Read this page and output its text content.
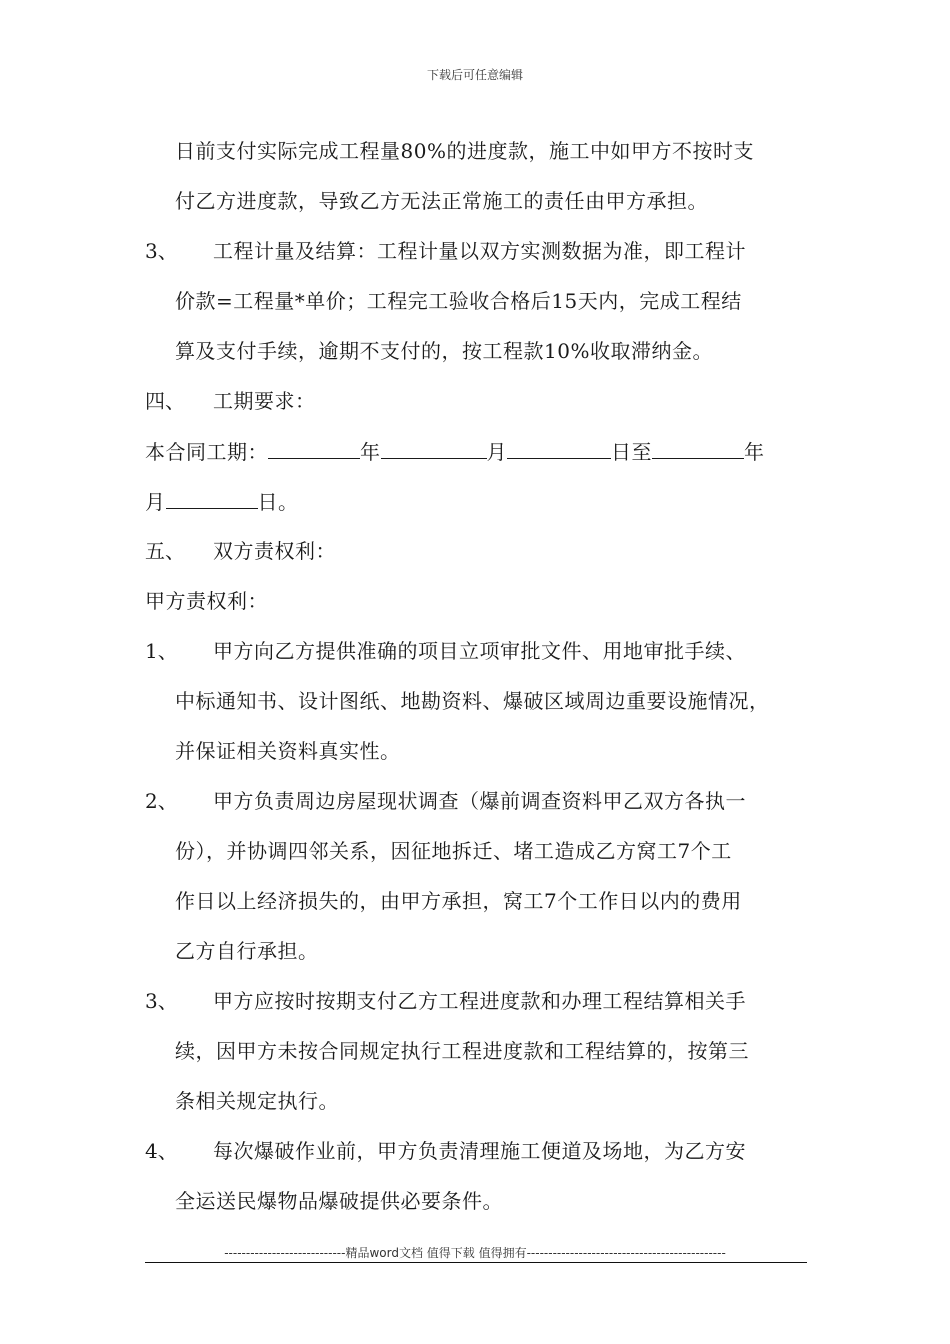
下载后可任意编辑
日前支付实际完成工程量80%的进度款，施工中如甲方不按时支
付乙方进度款，导致乙方无法正常施工的责任由甲方承担。
3、 工程计量及结算：工程计量以双方实测数据为准，即工程计
价款=工程量*单价；工程完工验收合格后15天内，完成工程结
算及支付手续，逾期不支付的，按工程款10%收取滞纳金。
四、 工期要求：
本合同工期：	年	月	日至	年
月	日。
五、 双方责权利：
甲方责权利：
1、 甲方向乙方提供准确的项目立项审批文件、用地审批手续、
中标通知书、设计图纸、地勘资料、爆破区域周边重要设施情况，
并保证相关资料真实性。
2、 甲方负责周边房屋现状调查（爆前调查资料甲乙双方各执一
份），并协调四邻关系，因征地拆迁、堵工造成乙方窝工7个工
作日以上经济损失的，由甲方承担，窝工7个工作日以内的费用
乙方自行承担。
3、 甲方应按时按期支付乙方工程进度款和办理工程结算相关手
续，因甲方未按合同规定执行工程进度款和工程结算的，按第三
条相关规定执行。
4、 每次爆破作业前，甲方负责清理施工便道及场地，为乙方安
全运送民爆物品爆破提供必要条件。
----------------------------精品word文档 值得下载 值得拥有----------------------------------------------
